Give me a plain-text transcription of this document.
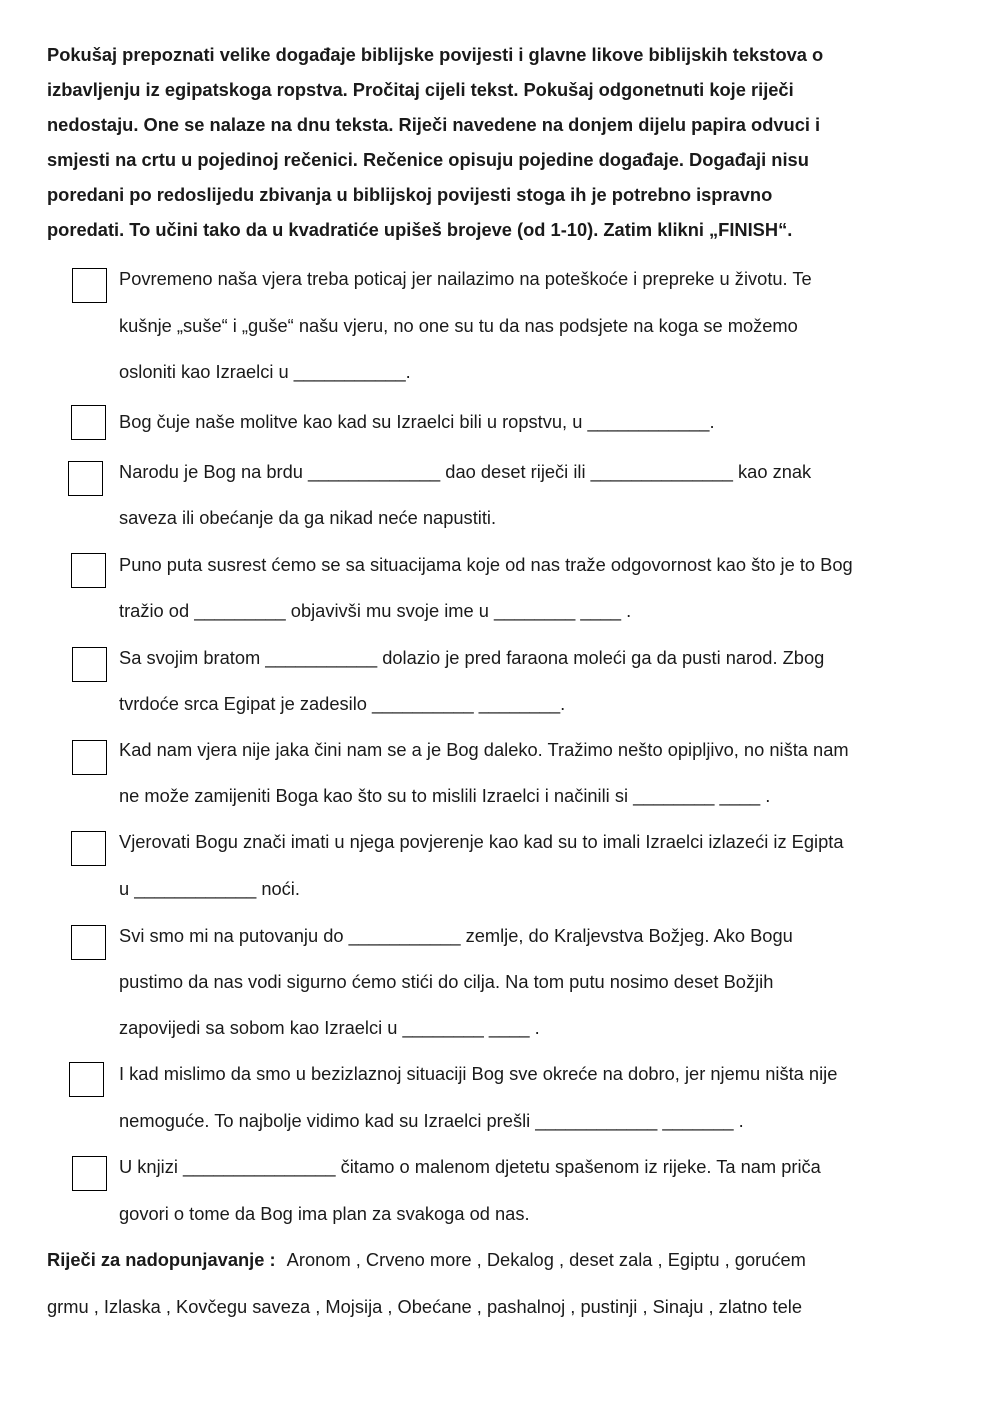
Pokušaj prepoznati velike događaje biblijske povijesti i glavne likove biblijskih tekstova o
izbavljenju iz egipatskoga ropstva. Pročitaj cijeli tekst. Pokušaj odgonetnuti koje riječi
nedostaju. One se nalaze na dnu teksta. Riječi navedene na donjem dijelu papira odvuci i
smjesti na crtu u pojedinoj rečenici. Rečenice opisuju pojedine događaje. Događaji nisu
poredani po redoslijedu zbivanja u biblijskoj povijesti stoga ih je potrebno ispravno
poredati. To učini tako da u kvadratiće upišeš brojeve (od 1-10). Zatim klikni „FINISH“.
Povremeno naša vjera treba poticaj jer nailazimo na poteškoće i prepreke u životu. Te
kušnje „suše“ i „guše“ našu vjeru, no one su tu da nas podsjete na koga se možemo
osloniti kao Izraelci u ___________.
Bog čuje naše molitve kao kad su Izraelci bili u ropstvu, u ____________.
Narodu je Bog na brdu _____________ dao deset riječi ili ______________ kao znak
saveza ili obećanje da ga nikad neće napustiti.
Puno puta susrest ćemo se sa situacijama koje od nas traže odgovornost kao što je to Bog
tražio od _________ objavivši mu svoje ime u ________ ____ .
Sa svojim bratom ___________ dolazio je pred faraona moleći ga da pusti narod. Zbog
tvrdoće srca Egipat je zadesilo __________ ________.
Kad nam vjera nije jaka čini nam se a je Bog daleko. Tražimo nešto opipljivo, no ništa nam
ne može zamijeniti Boga kao što su to mislili Izraelci i načinili si ________ ____ .
Vjerovati Bogu znači imati u njega povjerenje kao kad su to imali Izraelci izlazeći iz Egipta
u ____________ noći.
Svi smo mi na putovanju do ___________ zemlje, do Kraljevstva Božjeg. Ako Bogu
pustimo da nas vodi sigurno ćemo stići do cilja. Na tom putu nosimo deset Božjih
zapovijedi sa sobom kao Izraelci u ________ ____ .
I kad mislimo da smo u bezizlaznoj situaciji Bog sve okreće na dobro, jer njemu ništa nije
nemoguće. To najbolje vidimo kad su Izraelci prešli ____________ _______ .
U knjizi _______________ čitamo o malenom djetetu spašenom iz rijeke. Ta nam priča
govori o tome da Bog ima plan za svakoga od nas.
Riječi za nadopunjavanje : Aronom , Crveno more , Dekalog , deset zala , Egiptu , gorućem
grmu , Izlaska , Kovčegu saveza , Mojsija , Obećane , pashalnoj , pustinji , Sinaju , zlatno tele
